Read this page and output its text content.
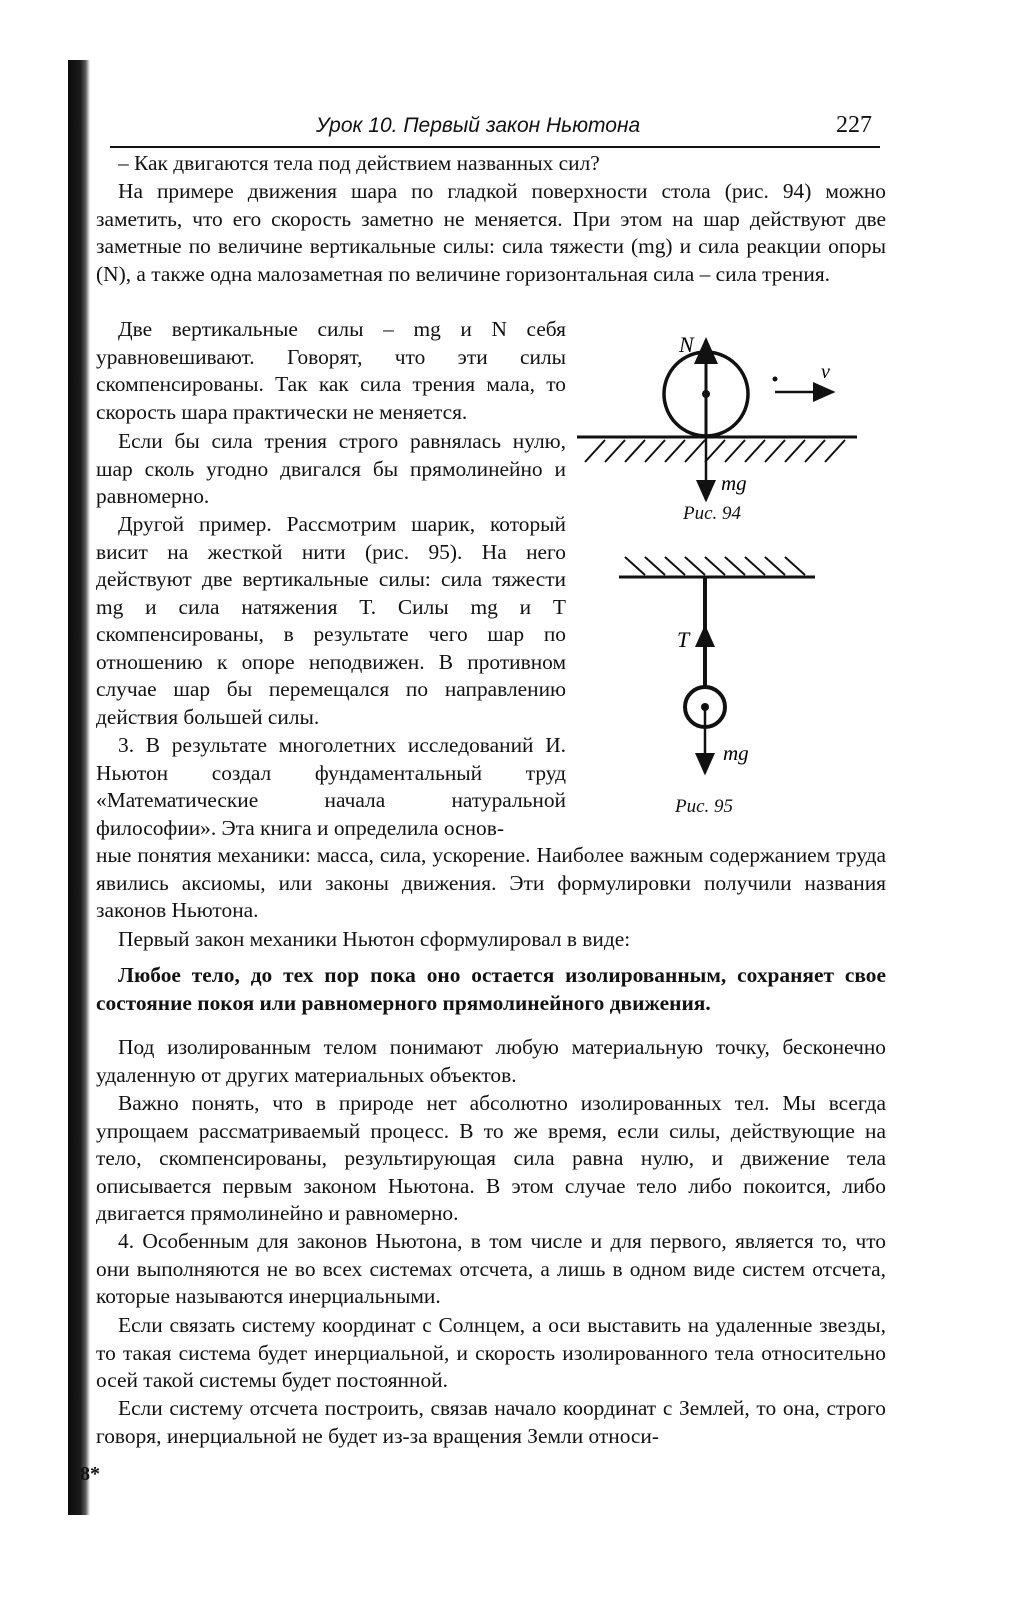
8*
Урок 10. Первый закон Ньютона	227

– Как двигаются тела под действием названных сил?

На примере движения шара по гладкой поверхности стола (рис. 94) можно заметить, что его скорость заметно не меняется. При этом на шар действуют две заметные по величине вертикальные силы: сила тяжести (mg) и сила реакции опоры (N), а также одна малозаметная по величине горизонтальная сила – сила трения.

Две вертикальные силы – mg и N себя уравновешивают. Говорят, что эти силы скомпенсированы. Так как сила трения мала, то скорость шара практически не меняется.

Если бы сила трения строго равнялась нулю, шар сколь угодно двигался бы прямолинейно и равномерно.

Другой пример. Рассмотрим шарик, который висит на жесткой нити (рис. 95). На него действуют две вертикальные силы: сила тяжести mg и сила натяжения T. Силы mg и T скомпенсированы, в результате чего шар по отношению к опоре неподвижен. В противном случае шар бы перемещался по направлению действия большей силы.

3. В результате многолетних исследований И. Ньютон создал фундаментальный труд «Математические начала натуральной философии». Эта книга и определила основ-

ные понятия механики: масса, сила, ускорение. Наиболее важным содержанием труда явились аксиомы, или законы движения. Эти формулировки получили названия законов Ньютона.

Первый закон механики Ньютон сформулировал в виде:

Любое тело, до тех пор пока оно остается изолированным, сохраняет свое состояние покоя или равномерного прямолинейного движения.

Под изолированным телом понимают любую материальную точку, бесконечно удаленную от других материальных объектов.

Важно понять, что в природе нет абсолютно изолированных тел. Мы всегда упрощаем рассматриваемый процесс. В то же время, если силы, действующие на тело, скомпенсированы, результирующая сила равна нулю, и движение тела описывается первым законом Ньютона. В этом случае тело либо покоится, либо двигается прямолинейно и равномерно.

4. Особенным для законов Ньютона, в том числе и для первого, является то, что они выполняются не во всех системах отсчета, а лишь в одном виде систем отсчета, которые называются инерциальными.

Если связать систему координат с Солнцем, а оси выставить на удаленные звезды, то такая система будет инерциальной, и скорость изолированного тела относительно осей такой системы будет постоянной.

Если систему отсчета построить, связав начало координат с Землей, то она, строго говоря, инерциальной не будет из-за вращения Земли относи-

N
v
mg
Рис. 94
T
mg
Рис. 95
